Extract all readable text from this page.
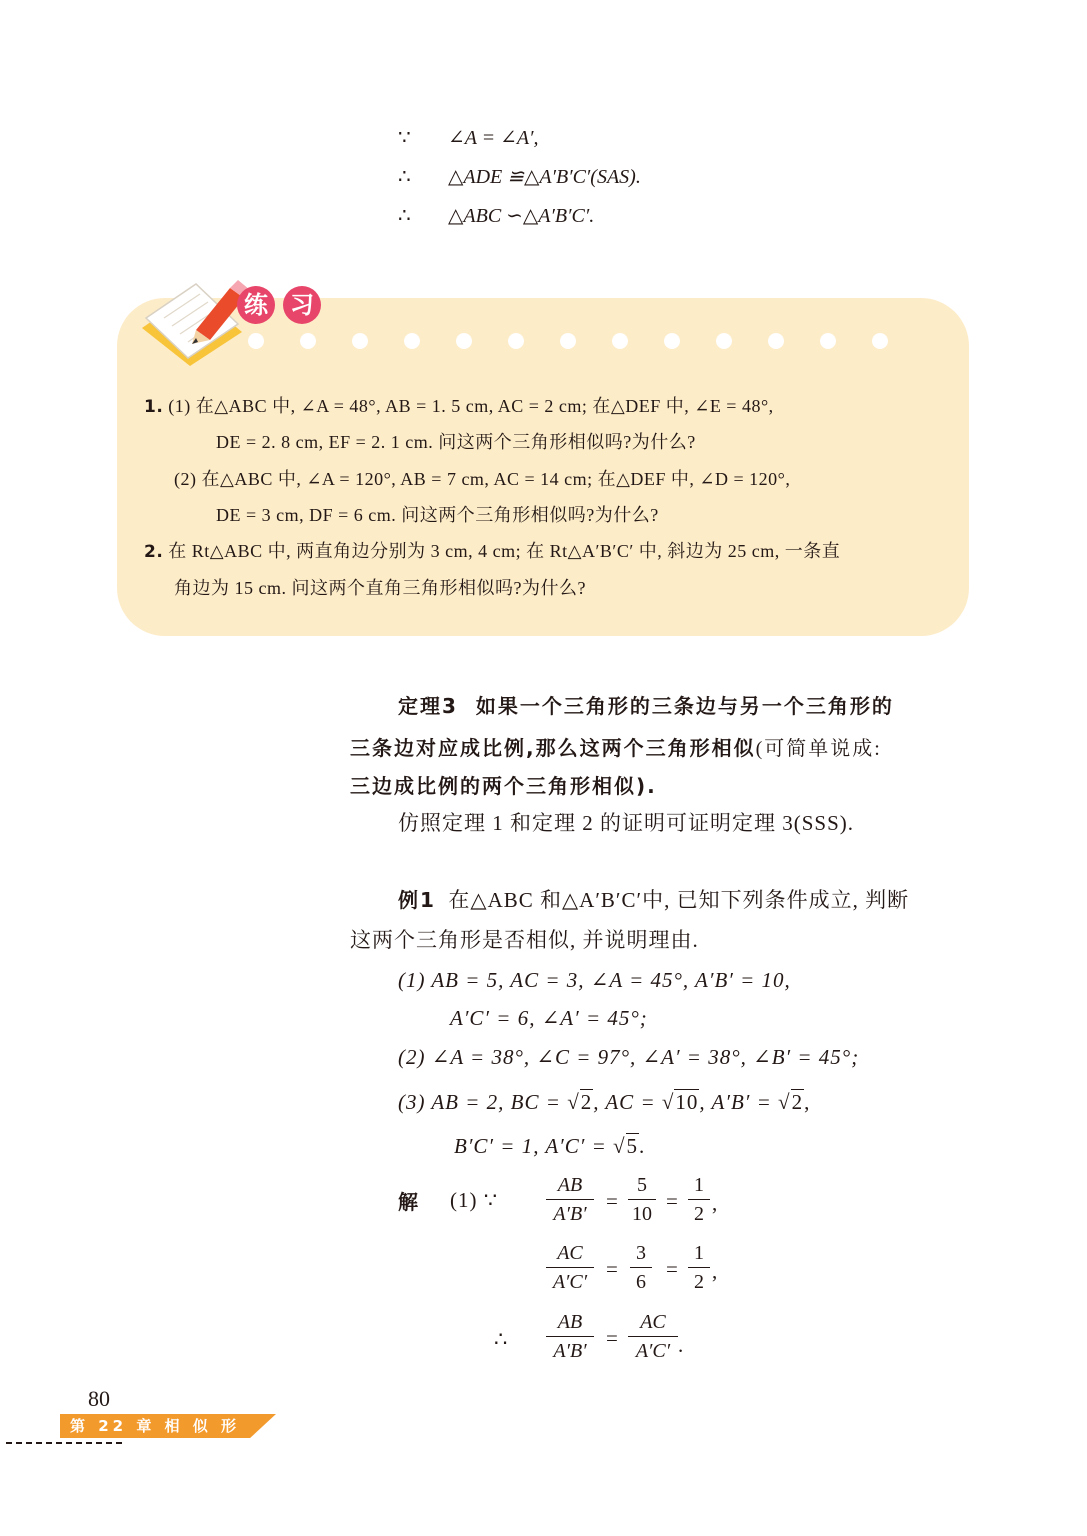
∵ ∠A = ∠A′,
∴ △ADE ≌△A′B′C′(SAS).
∴ △ABC ∽△A′B′C′.
练 习
1. (1) 在△ABC 中, ∠A = 48°, AB = 1. 5 cm, AC = 2 cm; 在△DEF 中, ∠E = 48°,
DE = 2. 8 cm, EF = 2. 1 cm. 问这两个三角形相似吗?为什么?
(2) 在△ABC 中, ∠A = 120°, AB = 7 cm, AC = 14 cm; 在△DEF 中, ∠D = 120°,
DE = 3 cm, DF = 6 cm. 问这两个三角形相似吗?为什么?
2. 在 Rt△ABC 中, 两直角边分别为 3 cm, 4 cm; 在 Rt△A′B′C′ 中, 斜边为 25 cm, 一条直
角边为 15 cm. 问这两个直角三角形相似吗?为什么?
定理3 如果一个三角形的三条边与另一个三角形的
三条边对应成比例,那么这两个三角形相似(可简单说成:
三边成比例的两个三角形相似).
仿照定理 1 和定理 2 的证明可证明定理 3(SSS).
例1 在△ABC 和△A′B′C′中, 已知下列条件成立, 判断
这两个三角形是否相似, 并说明理由.
(1) AB = 5, AC = 3, ∠A = 45°, A′B′ = 10,
A′C′ = 6, ∠A′ = 45°;
(2) ∠A = 38°, ∠C = 97°, ∠A′ = 38°, ∠B′ = 45°;
(3) AB = 2, BC = √2, AC = √10, A′B′ = √2,
B′C′ = 1, A′C′ = √5.
解 (1) ∵
AB
A′B′
=
5
10
=
1
2 ,
AC
A′C′
=
3
6
=
1
2 ,
∴
AB
A′B′
=
AC
A′C′ .
80
第 22 章 相 似 形
